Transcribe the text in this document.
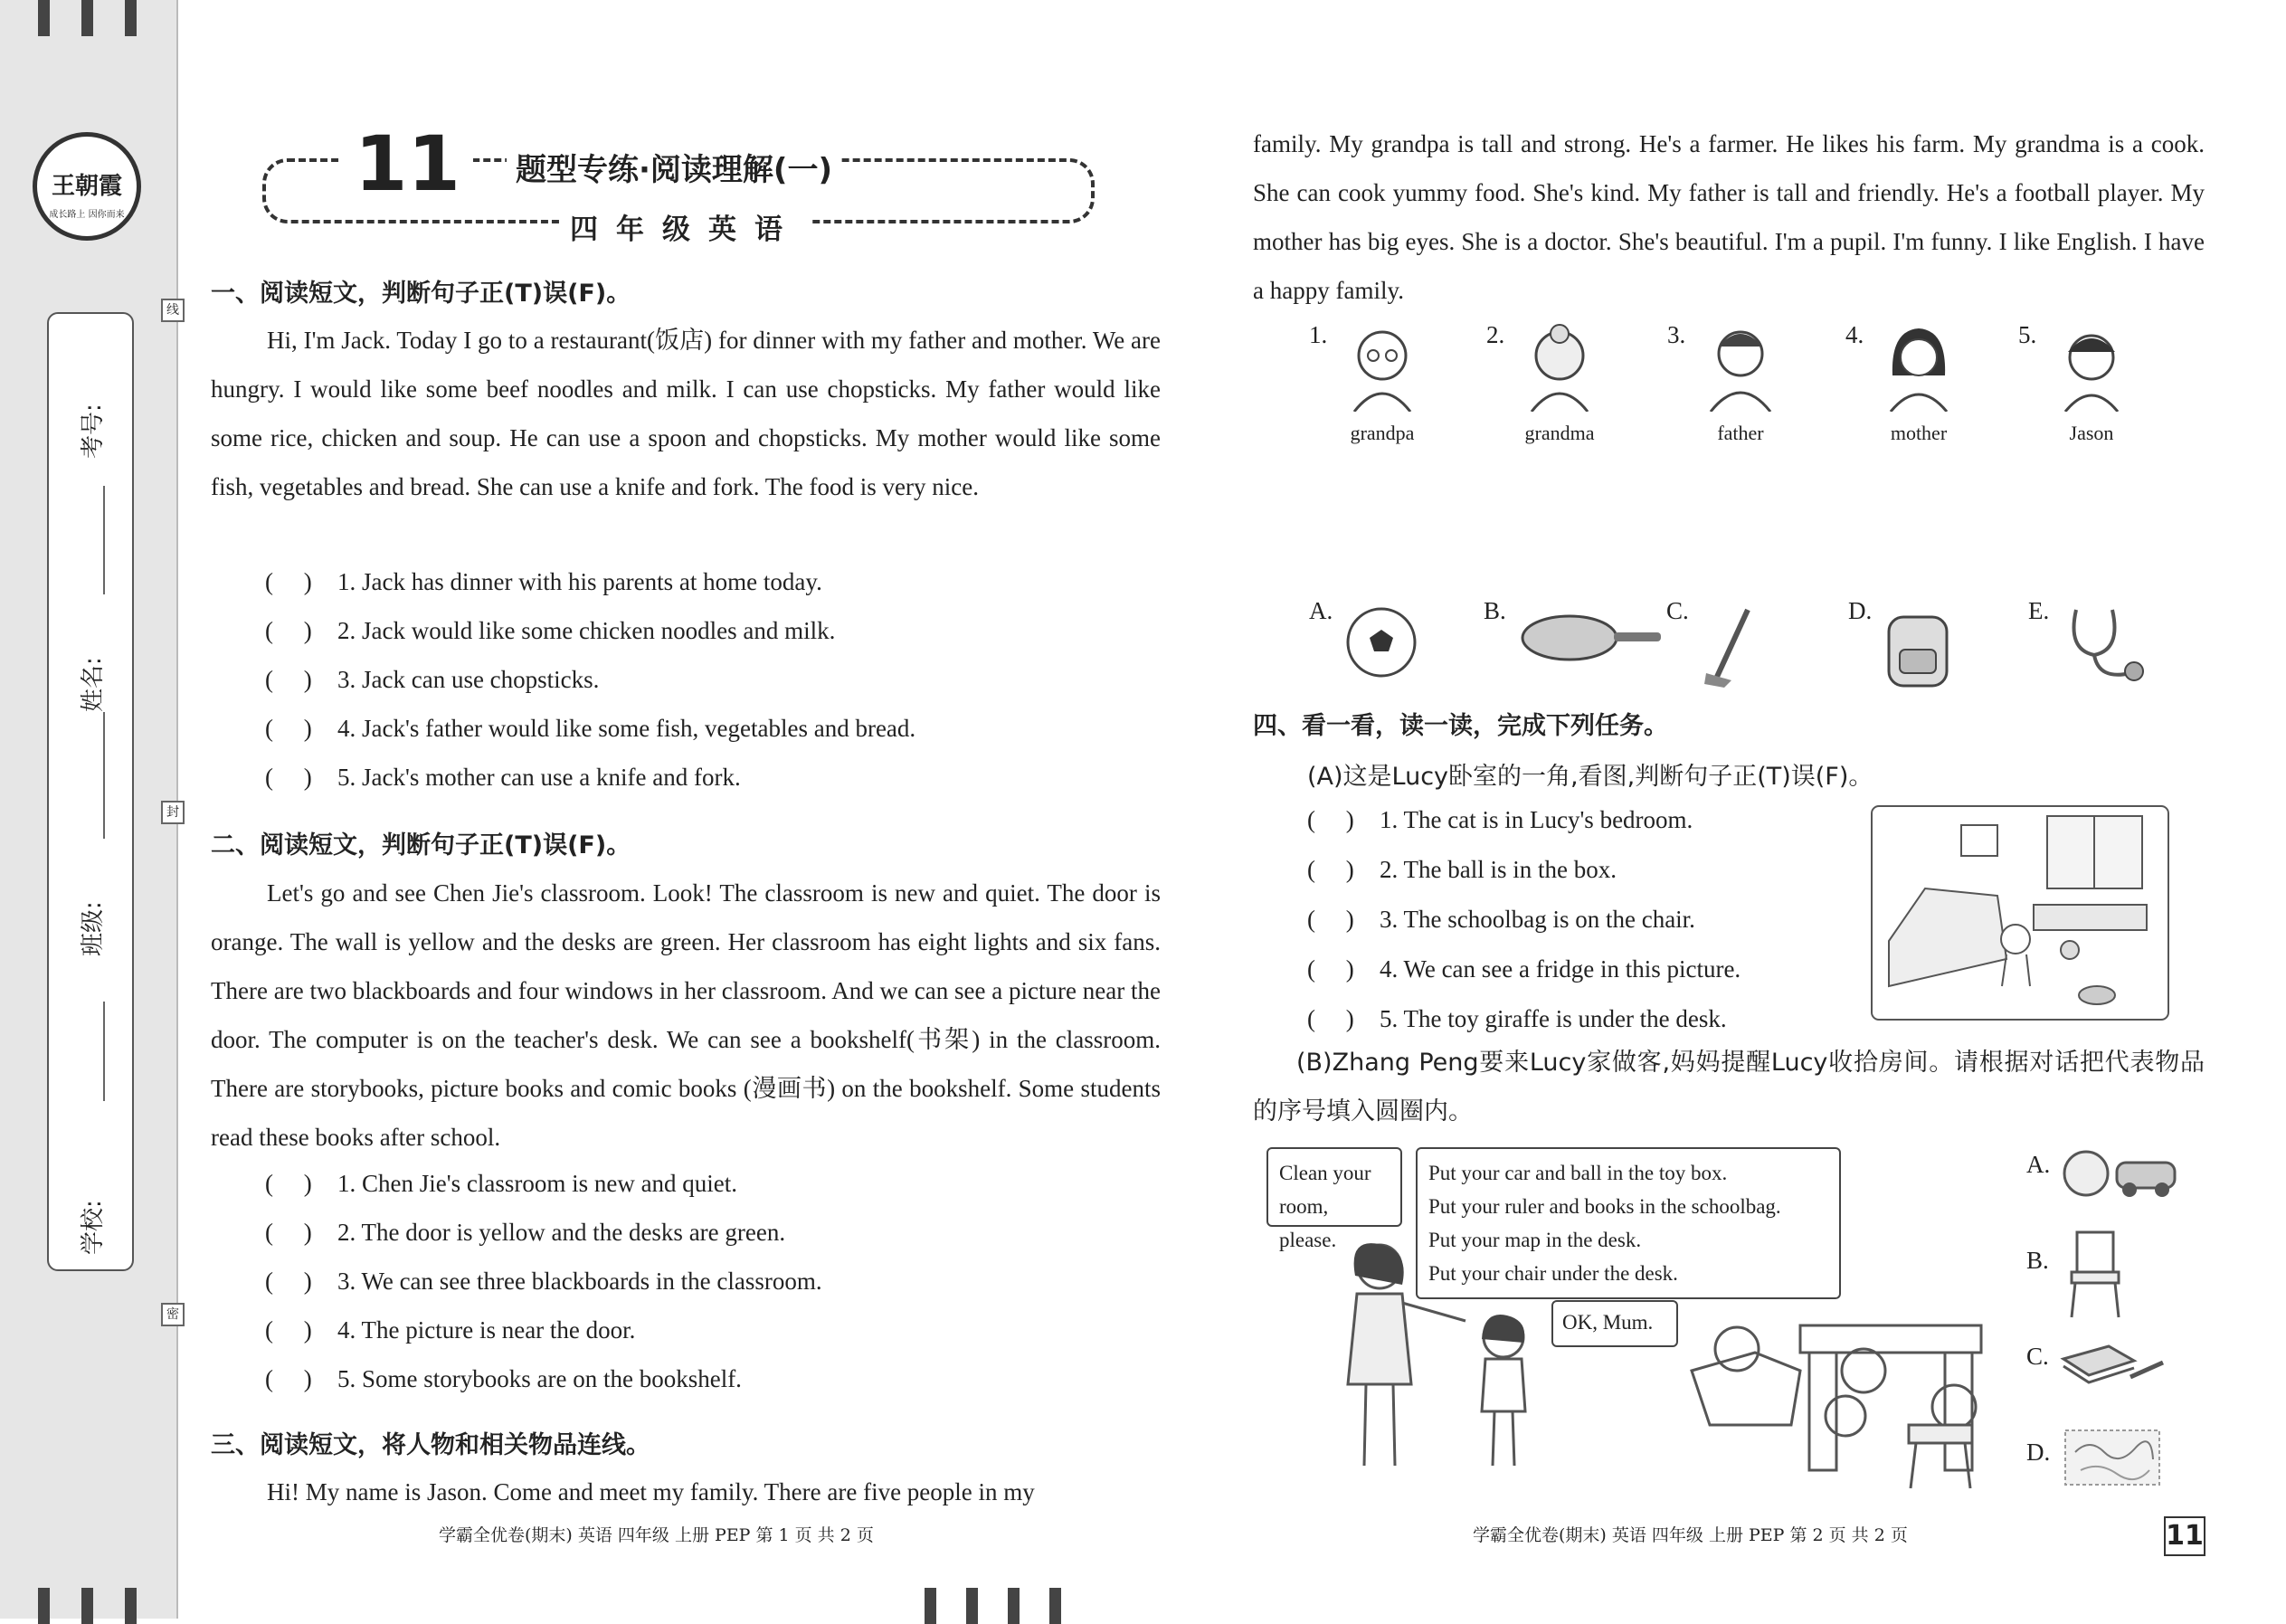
王朝霞
成长路上 因你而来
学校:
班级:
姓名:
考号:
线
封
密
11	题型专练·阅读理解(一)
四年级英语
一、阅读短文，判断句子正(T)误(F)。
Hi, I'm Jack. Today I go to a restaurant(饭店) for dinner with my father and mother. We are hungry. I would like some beef noodles and milk. I can use chopsticks. My father would like some rice, chicken and soup. He can use a spoon and chopsticks. My mother would like some fish, vegetables and bread. She can use a knife and fork. The food is very nice.
(     ) 1. Jack has dinner with his parents at home today.
(     ) 2. Jack would like some chicken noodles and milk.
(     ) 3. Jack can use chopsticks.
(     ) 4. Jack's father would like some fish, vegetables and bread.
(     ) 5. Jack's mother can use a knife and fork.
二、阅读短文，判断句子正(T)误(F)。
Let's go and see Chen Jie's classroom. Look! The classroom is new and quiet. The door is orange. The wall is yellow and the desks are green. Her classroom has eight lights and six fans. There are two blackboards and four windows in her classroom. And we can see a picture near the door. The computer is on the teacher's desk. We can see a bookshelf(书架) in the classroom. There are storybooks, picture books and comic books (漫画书) on the bookshelf. Some students read these books after school.
(     ) 1. Chen Jie's classroom is new and quiet.
(     ) 2. The door is yellow and the desks are green.
(     ) 3. We can see three blackboards in the classroom.
(     ) 4. The picture is near the door.
(     ) 5. Some storybooks are on the bookshelf.
三、阅读短文，将人物和相关物品连线。
Hi! My name is Jason. Come and meet my family. There are five people in my
学霸全优卷(期末) 英语 四年级 上册 PEP 第 1 页 共 2 页
family. My grandpa is tall and strong. He's a farmer. He likes his farm. My grandma is a cook. She can cook yummy food. She's kind. My father is tall and friendly. He's a football player. My mother has big eyes. She is a doctor. She's beautiful. I'm a pupil. I'm funny. I like English. I have a happy family.
1.
grandpa
2.
grandma
3.
father
4.
mother
5.
Jason
A.	B.	C.	D.	E.
四、看一看，读一读，完成下列任务。
(A)这是Lucy卧室的一角,看图,判断句子正(T)误(F)。
(     ) 1. The cat is in Lucy's bedroom.
(     ) 2. The ball is in the box.
(     ) 3. The schoolbag is on the chair.
(     ) 4. We can see a fridge in this picture.
(     ) 5. The toy giraffe is under the desk.
(B)Zhang Peng要来Lucy家做客,妈妈提醒Lucy收拾房间。请根据对话把代表物品的序号填入圆圈内。
Clean your room, please.
Put your car and ball in the toy box.
Put your ruler and books in the schoolbag.
Put your map in the desk.
Put your chair under the desk.
OK, Mum.
A.
B.
C.
D.
学霸全优卷(期末) 英语 四年级 上册 PEP 第 2 页 共 2 页	11
